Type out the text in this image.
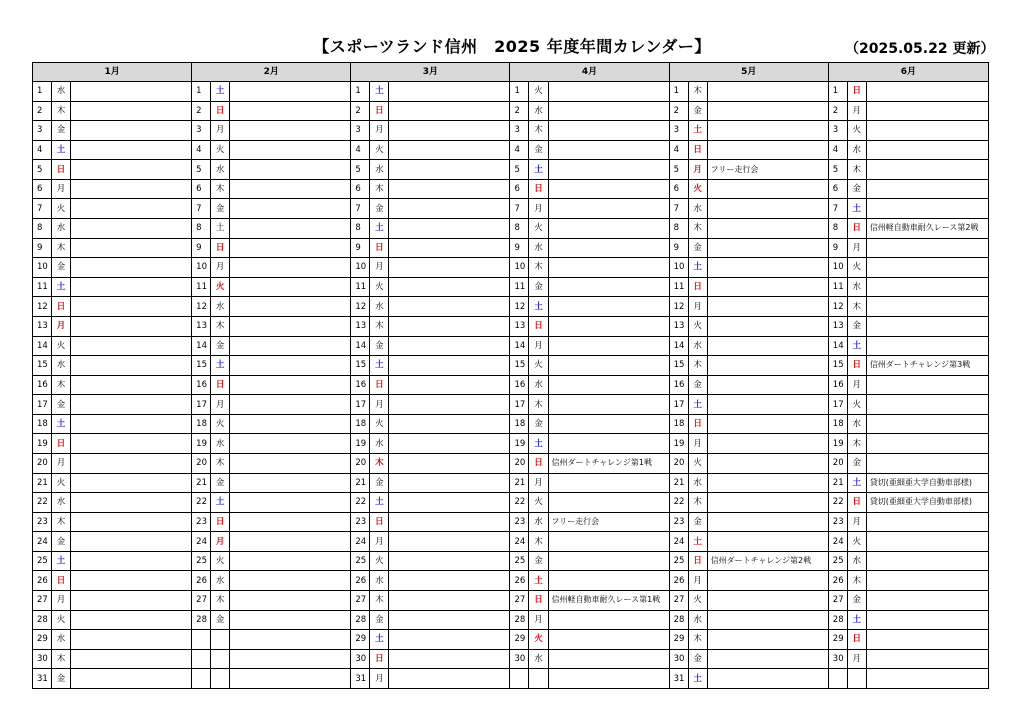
【スポーツランド信州　2025 年度年間カレンダー】	（2025.05.22 更新）
1月			2月			3月			4月			5月			6月		
1	水		1	土		1	土		1	火		1	木		1	日	
2	木		2	日		2	日		2	水		2	金		2	月	
3	金		3	月		3	月		3	木		3	土		3	火	
4	土		4	火		4	火		4	金		4	日		4	水	
5	日		5	水		5	水		5	土		5	月	フリー走行会	5	木	
6	月		6	木		6	木		6	日		6	火		6	金	
7	火		7	金		7	金		7	月		7	水		7	土	
8	水		8	土		8	土		8	火		8	木		8	日	信州軽自動車耐久レース第2戦
9	木		9	日		9	日		9	水		9	金		9	月	
10	金		10	月		10	月		10	木		10	土		10	火	
11	土		11	火		11	火		11	金		11	日		11	水	
12	日		12	水		12	水		12	土		12	月		12	木	
13	月		13	木		13	木		13	日		13	火		13	金	
14	火		14	金		14	金		14	月		14	水		14	土	
15	水		15	土		15	土		15	火		15	木		15	日	信州ダートチャレンジ第3戦
16	木		16	日		16	日		16	水		16	金		16	月	
17	金		17	月		17	月		17	木		17	土		17	火	
18	土		18	火		18	火		18	金		18	日		18	水	
19	日		19	水		19	水		19	土		19	月		19	木	
20	月		20	木		20	木		20	日	信州ダートチャレンジ第1戦	20	火		20	金	
21	火		21	金		21	金		21	月		21	水		21	土	貸切(亜細亜大学自動車部様)
22	水		22	土		22	土		22	火		22	木		22	日	貸切(亜細亜大学自動車部様)
23	木		23	日		23	日		23	水	フリー走行会	23	金		23	月	
24	金		24	月		24	月		24	木		24	土		24	火	
25	土		25	火		25	火		25	金		25	日	信州ダートチャレンジ第2戦	25	水	
26	日		26	水		26	水		26	土		26	月		26	木	
27	月		27	木		27	木		27	日	信州軽自動車耐久レース第1戦	27	火		27	金	
28	火		28	金		28	金		28	月		28	水		28	土	
29	水					29	土		29	火		29	木		29	日	
30	木					30	日		30	水		30	金		30	月	
31	金					31	月					31	土				
